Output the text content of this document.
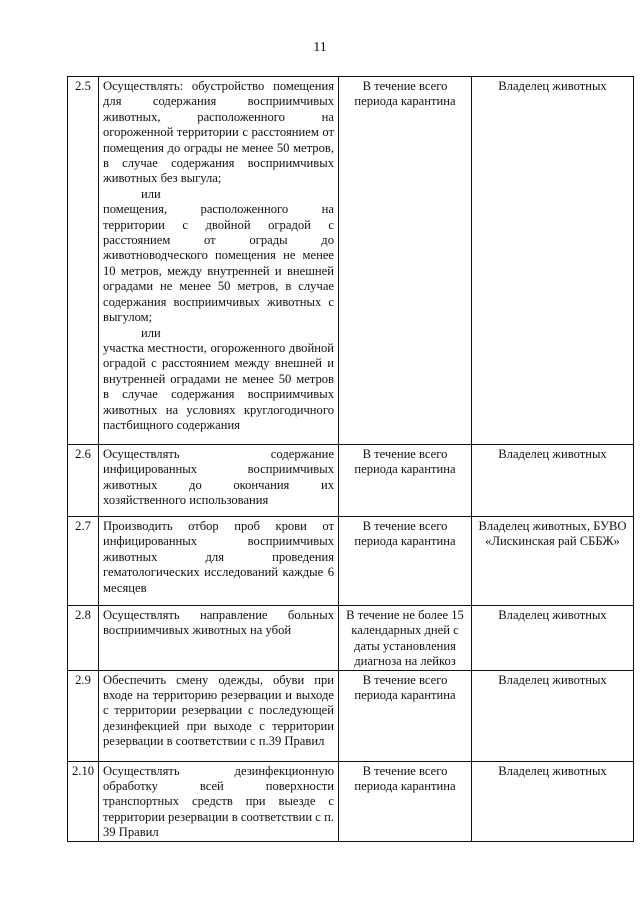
11
2.5	Осуществлять: обустройство помещения для содержания восприимчивых животных, расположенного на огороженной территории с расстоянием от помещения до ограды не менее 50 метров, в случае содержания восприимчивых животных без выгула;
или
помещения, расположенного на территории с двойной оградой с расстоянием от ограды до животноводческого помещения не менее 10 метров, между внутренней и внешней оградами не менее 50 метров, в случае содержания восприимчивых животных с выгулом;
или
участка местности, огороженного двойной оградой с расстоянием между внешней и внутренней оградами не менее 50 метров в случае содержания восприимчивых животных на условиях круглогодичного пастбищного содержания	В течение всего периода карантина	Владелец животных
2.6	Осуществлять содержание инфицированных восприимчивых животных до окончания их хозяйственного использования	В течение всего периода карантина	Владелец животных
2.7	Производить отбор проб крови от инфицированных восприимчивых животных для проведения гематологических исследований каждые 6 месяцев	В течение всего периода карантина	Владелец животных, БУВО «Лискинская рай СББЖ»
2.8	Осуществлять направление больных восприимчивых животных на убой	В течение не более 15 календарных дней с даты установления диагноза на лейкоз	Владелец животных
2.9	Обеспечить смену одежды, обуви при входе на территорию резервации и выходе с территории резервации с последующей дезинфекцией при выходе с территории резервации в соответствии с п.39 Правил	В течение всего периода карантина	Владелец животных
2.10	Осуществлять дезинфекционную обработку всей поверхности транспортных средств при выезде с территории резервации в соответствии с п. 39 Правил	В течение всего периода карантина	Владелец животных
